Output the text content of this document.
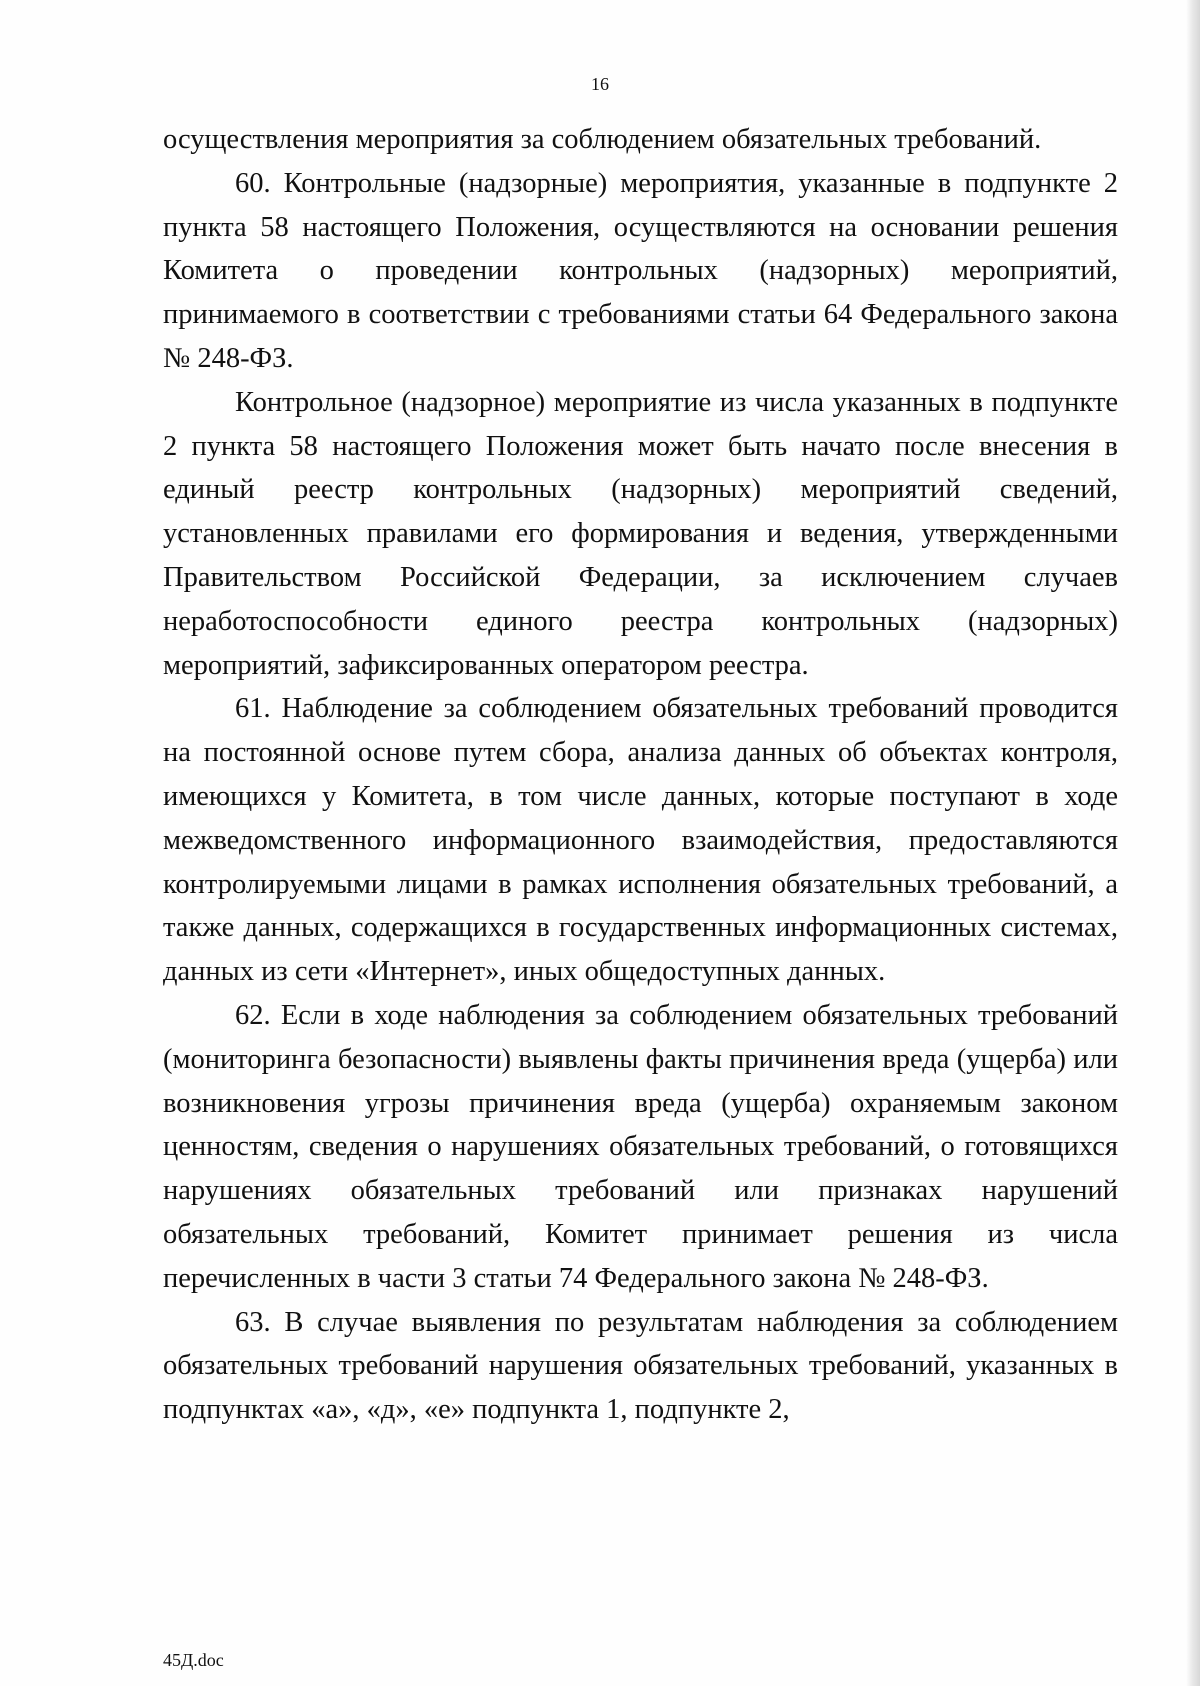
16

осуществления мероприятия за соблюдением обязательных требований.

60. Контрольные (надзорные) мероприятия, указанные в подпункте 2 пункта 58 настоящего Положения, осуществляются на основании решения Комитета о проведении контрольных (надзорных) мероприятий, принимаемого в соответствии с требованиями статьи 64 Федерального закона № 248-ФЗ.

Контрольное (надзорное) мероприятие из числа указанных в подпункте 2 пункта 58 настоящего Положения может быть начато после внесения в единый реестр контрольных (надзорных) мероприятий сведений, установленных правилами его формирования и ведения, утвержденными Правительством Российской Федерации, за исключением случаев неработоспособности единого реестра контрольных (надзорных) мероприятий, зафиксированных оператором реестра.

61. Наблюдение за соблюдением обязательных требований проводится на постоянной основе путем сбора, анализа данных об объектах контроля, имеющихся у Комитета, в том числе данных, которые поступают в ходе межведомственного информационного взаимодействия, предоставляются контролируемыми лицами в рамках исполнения обязательных требований, а также данных, содержащихся в государственных информационных системах, данных из сети «Интернет», иных общедоступных данных.

62. Если в ходе наблюдения за соблюдением обязательных требований (мониторинга безопасности) выявлены факты причинения вреда (ущерба) или возникновения угрозы причинения вреда (ущерба) охраняемым законом ценностям, сведения о нарушениях обязательных требований, о готовящихся нарушениях обязательных требований или признаках нарушений обязательных требований, Комитет принимает решения из числа перечисленных в части 3 статьи 74 Федерального закона № 248-ФЗ.

63. В случае выявления по результатам наблюдения за соблюдением обязательных требований нарушения обязательных требований, указанных в подпунктах «а», «д», «е» подпункта 1, подпункте 2,

45Д.doc
